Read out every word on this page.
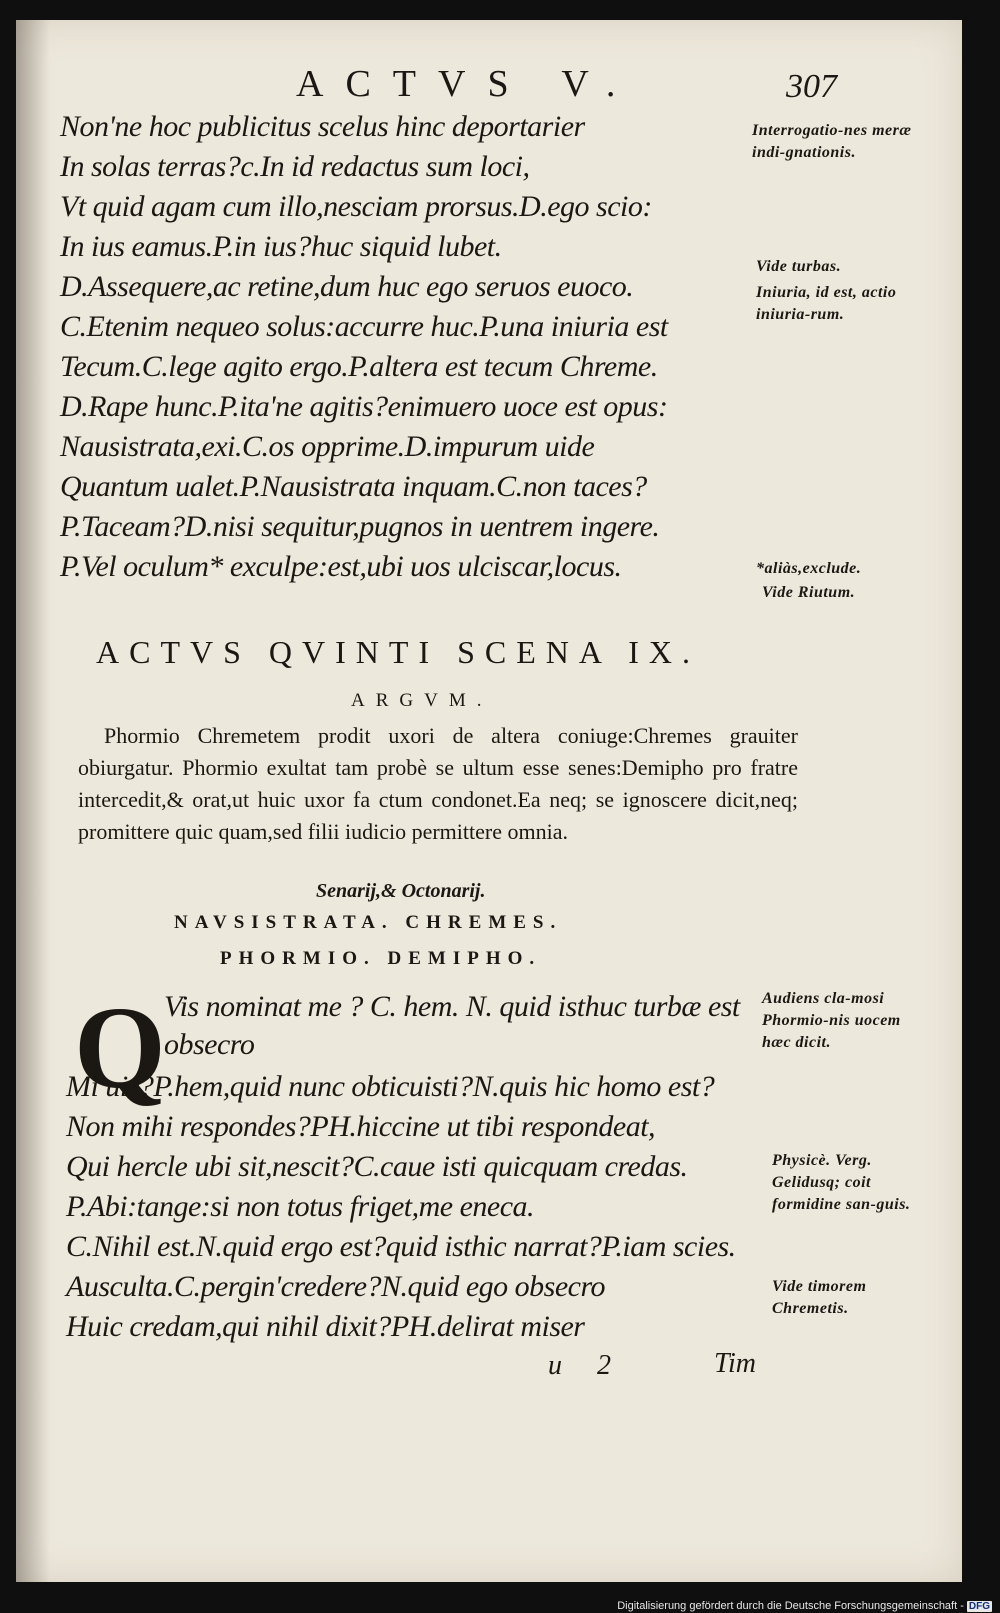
ACTVS V.	307
Non'ne hoc publicitus scelus hinc deportarier
In solas terras?c.In id redactus sum loci,
Vt quid agam cum illo,nesciam prorsus.D.ego scio:
In ius eamus.P.in ius?huc siquid lubet.
D.Assequere,ac retine,dum huc ego seruos euoco.
C.Etenim nequeo solus:accurre huc.P.una iniuria est
Tecum.C.lege agito ergo.P.altera est tecum Chreme.
D.Rape hunc.P.ita'ne agitis?enimuero uoce est opus:
Nausistrata,exi.C.os opprime.D.impurum uide
Quantum ualet.P.Nausistrata inquam.C.non taces?
P.Taceam?D.nisi sequitur,pugnos in uentrem ingere.
P.Vel oculum* exculpe:est,ubi uos ulciscar,locus.
Interrogatio-nes meræ indi-gnationis.
Vide turbas.
Iniuria, id est, actio iniuria-rum.
*aliàs,exclude.
Vide Riutum.
Audiens cla-mosi Phormio-nis uocem hæc dicit.
Physicè. Verg. Gelidusq; coit formidine san-guis.
Vide timorem Chremetis.
ACTVS QVINTI SCENA IX.
ARGVM.
Phormio Chremetem prodit uxori de altera coniuge:Chremes grauiter obiurgatur. Phormio exultat tam probè se ultum esse senes:Demipho pro fratre intercedit,& orat,ut huic uxor fa ctum condonet.Ea neq; se ignoscere dicit,neq; promittere quic quam,sed filii iudicio permittere omnia.
Senarij,& Octonarij.
NAVSISTRATA. CHREMES.
PHORMIO. DEMIPHO.
Q
Vis nominat me ? C. hem. N. quid isthuc turbæ est
obsecro
Mi uir?P.hem,quid nunc obticuisti?N.quis hic homo est?
Non mihi respondes?PH.hiccine ut tibi respondeat,
Qui hercle ubi sit,nescit?C.caue isti quicquam credas.
P.Abi:tange:si non totus friget,me eneca.
C.Nihil est.N.quid ergo est?quid isthic narrat?P.iam scies.
Ausculta.C.pergin'credere?N.quid ego obsecro
Huic credam,qui nihil dixit?PH.delirat miser
u 2	Tim
Digitalisierung gefördert durch die Deutsche Forschungsgemeinschaft - DFG
